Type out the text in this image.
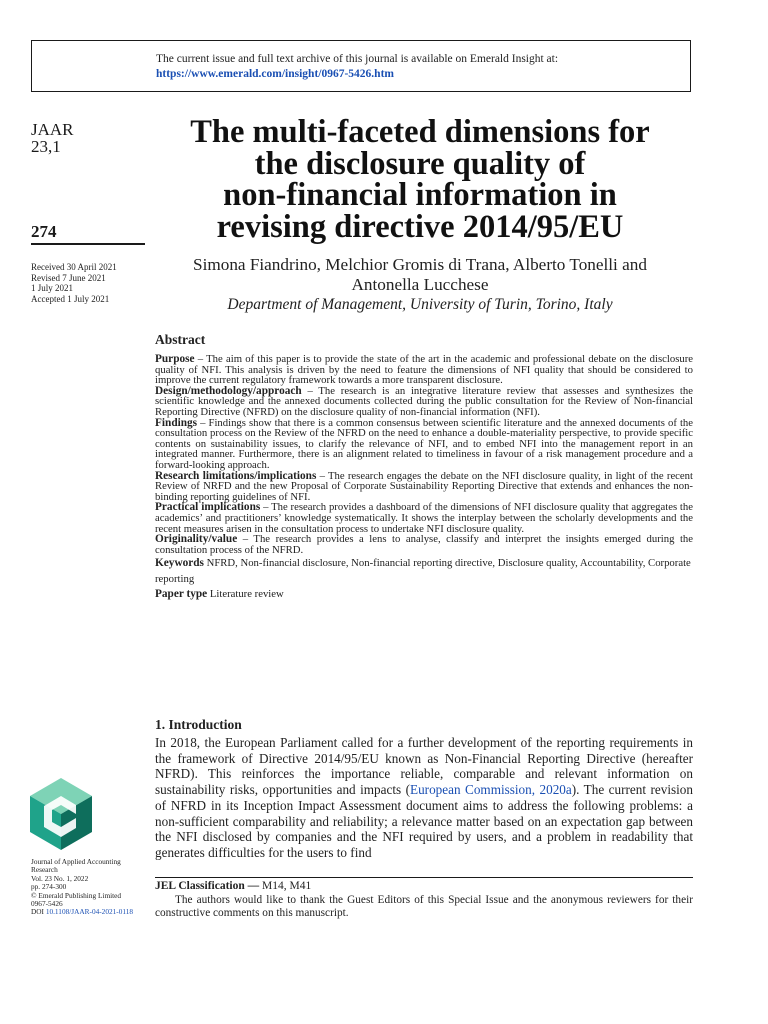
The current issue and full text archive of this journal is available on Emerald Insight at:
https://www.emerald.com/insight/0967-5426.htm
JAAR
23,1
274
Received 30 April 2021
Revised 7 June 2021
1 July 2021
Accepted 1 July 2021
Journal of Applied Accounting
Research
Vol. 23 No. 1, 2022
pp. 274-300
© Emerald Publishing Limited
0967-5426
DOI 10.1108/JAAR-04-2021-0118
The multi-faceted dimensions for
the disclosure quality of
non-financial information in
revising directive 2014/95/EU
Simona Fiandrino, Melchior Gromis di Trana, Alberto Tonelli and
Antonella Lucchese
Department of Management, University of Turin, Torino, Italy
Abstract

Purpose – The aim of this paper is to provide the state of the art in the academic and professional debate on the disclosure quality of NFI. This analysis is driven by the need to feature the dimensions of NFI quality that should be considered to improve the current regulatory framework towards a more transparent disclosure.

Design/methodology/approach – The research is an integrative literature review that assesses and synthesizes the scientific knowledge and the annexed documents collected during the public consultation for the Review of Non-financial Reporting Directive (NFRD) on the disclosure quality of non-financial information (NFI).

Findings – Findings show that there is a common consensus between scientific literature and the annexed documents of the consultation process on the Review of the NFRD on the need to enhance a double-materiality perspective, to provide specific contents on sustainability issues, to clarify the relevance of NFI, and to embed NFI into the management report in an integrated manner. Furthermore, there is an alignment related to timeliness in favour of a risk management procedure and a forward-looking approach.

Research limitations/implications – The research engages the debate on the NFI disclosure quality, in light of the recent Review of NRFD and the new Proposal of Corporate Sustainability Reporting Directive that extends and enhances the non-binding reporting guidelines of NFI.

Practical implications – The research provides a dashboard of the dimensions of NFI disclosure quality that aggregates the academics’ and practitioners’ knowledge systematically. It shows the interplay between the scholarly developments and the recent measures arisen in the consultation process to undertake NFI disclosure quality.

Originality/value – The research provides a lens to analyse, classify and interpret the insights emerged during the consultation process of the NFRD.

Keywords NFRD, Non-financial disclosure, Non-financial reporting directive, Disclosure quality, Accountability, Corporate reporting

Paper type Literature review

1. Introduction

In 2018, the European Parliament called for a further development of the reporting requirements in the framework of Directive 2014/95/EU known as Non-Financial Reporting Directive (hereafter NFRD). This reinforces the importance reliable, comparable and relevant information on sustainability risks, opportunities and impacts (European Commission, 2020a). The current revision of NFRD in its Inception Impact Assessment document aims to address the following problems: a non-sufficient comparability and reliability; a relevance matter based on an expectation gap between the NFI disclosed by companies and the NFI required by users, and a problem in readability that generates difficulties for the users to find

JEL Classification — M14, M41

The authors would like to thank the Guest Editors of this Special Issue and the anonymous reviewers for their constructive comments on this manuscript.
